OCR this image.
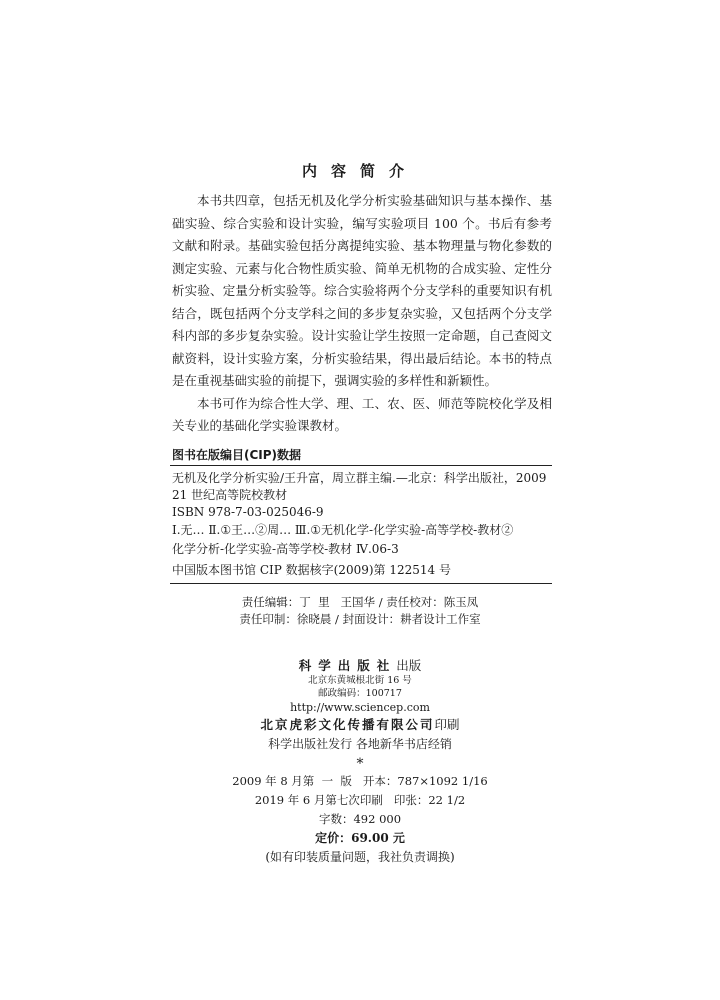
内容简介

本书共四章，包括无机及化学分析实验基础知识与基本操作、基础实验、综合实验和设计实验，编写实验项目 100 个。书后有参考文献和附录。基础实验包括分离提纯实验、基本物理量与物化参数的测定实验、元素与化合物性质实验、简单无机物的合成实验、定性分析实验、定量分析实验等。综合实验将两个分支学科的重要知识有机结合，既包括两个分支学科之间的多步复杂实验，又包括两个分支学科内部的多步复杂实验。设计实验让学生按照一定命题，自己查阅文献资料，设计实验方案，分析实验结果，得出最后结论。本书的特点是在重视基础实验的前提下，强调实验的多样性和新颖性。

本书可作为综合性大学、理、工、农、医、师范等院校化学及相关专业的基础化学实验课教材。

图书在版编目(CIP)数据
无机及化学分析实验/王升富，周立群主编.—北京：科学出版社，2009
21 世纪高等院校教材
ISBN 978-7-03-025046-9
Ⅰ.无… Ⅱ.①王…②周… Ⅲ.①无机化学-化学实验-高等学校-教材②
化学分析-化学实验-高等学校-教材 Ⅳ.06-3
中国版本图书馆 CIP 数据核字(2009)第 122514 号
责任编辑：丁  里   王国华 / 责任校对：陈玉凤
责任印制：徐晓晨 / 封面设计：耕者设计工作室
科学出版社 出版
北京东黄城根北街 16 号
邮政编码：100717
http://www.sciencep.com
北京虎彩文化传播有限公司 印刷
科学出版社发行 各地新华书店经销
*
2009 年 8 月第  一  版   开本：787×1092 1/16
2019 年 6 月第七次印刷   印张：22 1/2
字数：492 000
定价：69.00 元
(如有印装质量问题，我社负责调换)
